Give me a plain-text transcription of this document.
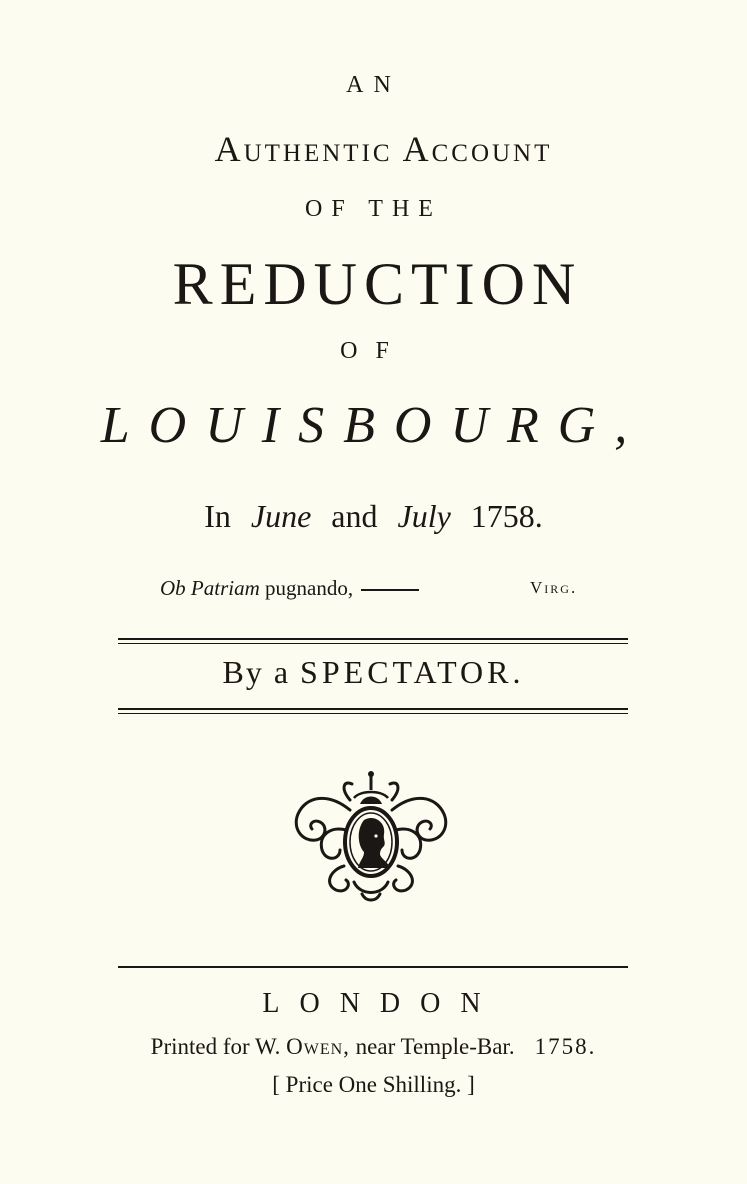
AN
Authentic Account
OF THE
REDUCTION
OF
LOUISBOURG,
In June and July 1758.
Ob Patriam pugnando,	Virg.
By a SPECTATOR.
LONDON
Printed for W. Owen, near Temple-Bar. 1758.
[ Price One Shilling. ]
